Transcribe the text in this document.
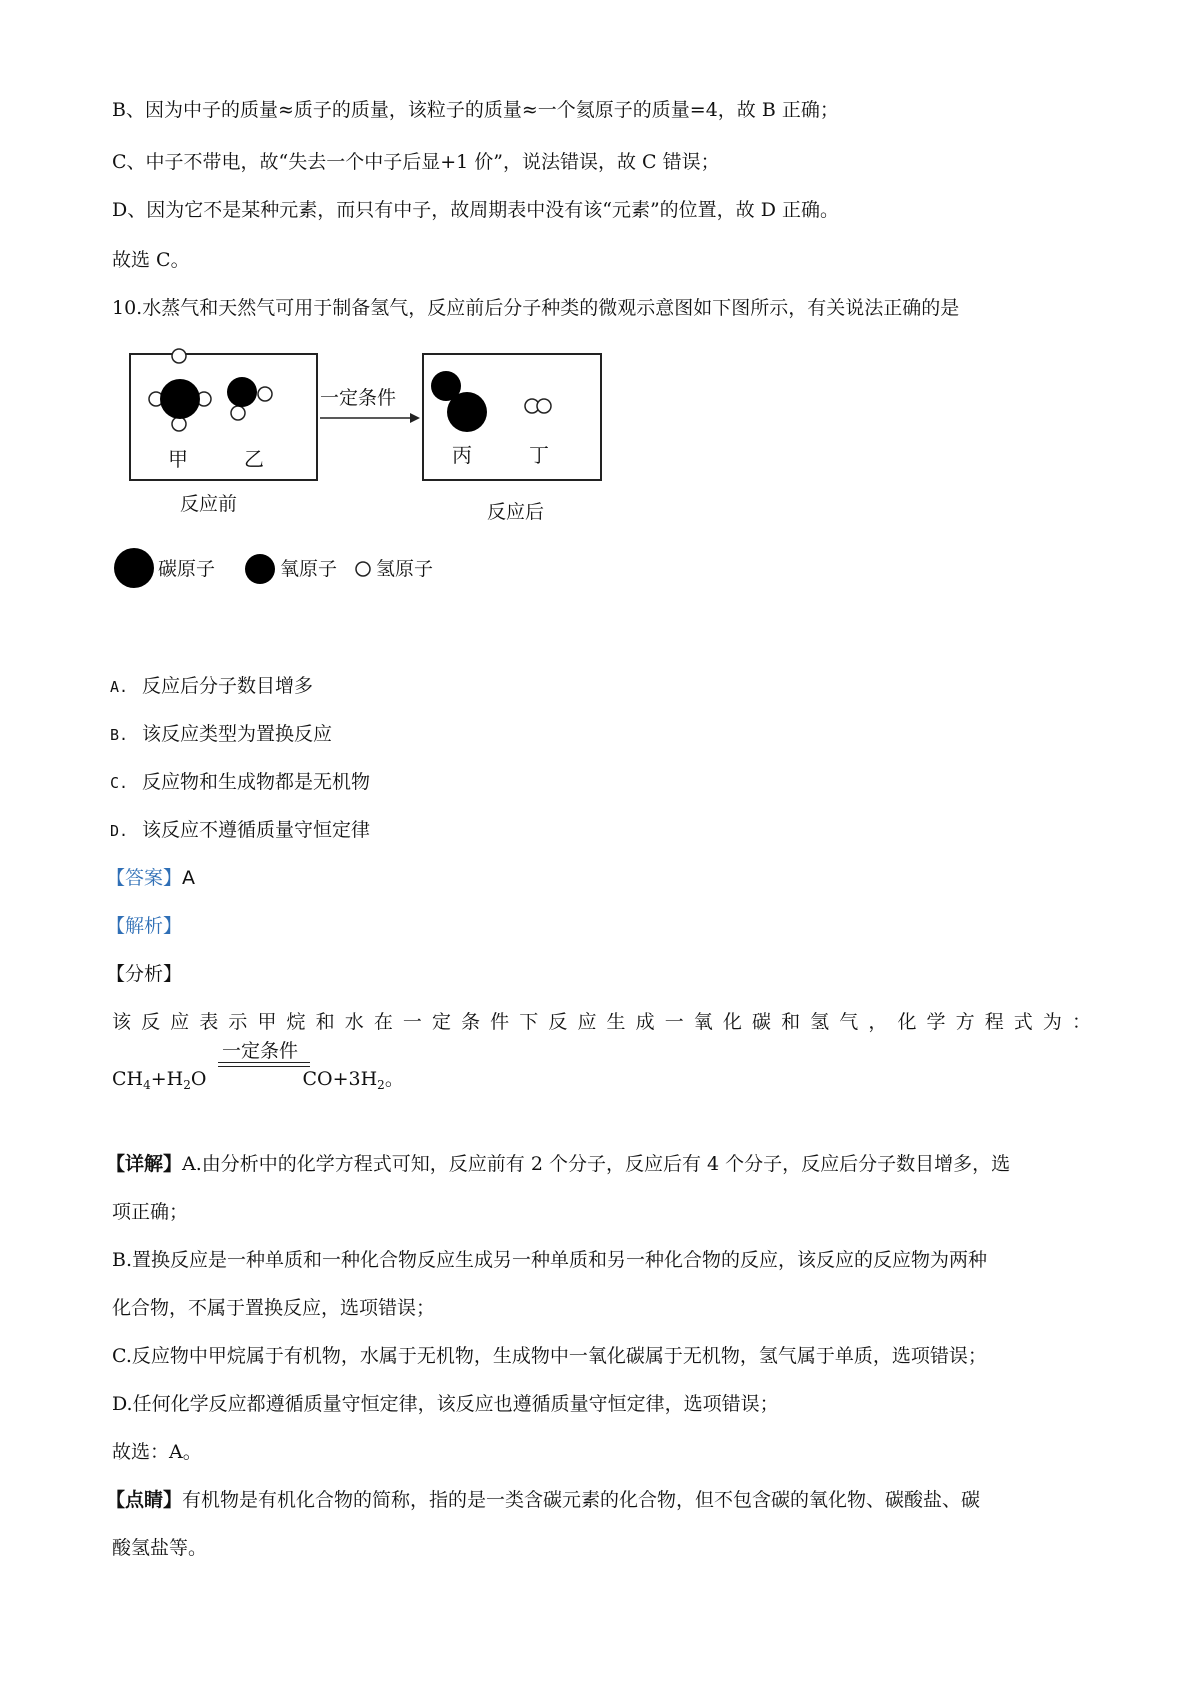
B、因为中子的质量≈质子的质量，该粒子的质量≈一个氦原子的质量=4，故 B 正确；
C、中子不带电，故“失去一个中子后显+1 价”，说法错误，故 C 错误；
D、因为它不是某种元素，而只有中子，故周期表中没有该“元素”的位置，故 D 正确。
故选 C。
10.水蒸气和天然气可用于制备氢气，反应前后分子种类的微观示意图如下图所示，有关说法正确的是
甲	乙
一定条件
丙	丁
反应前	反应后
碳原子	氧原子 氢原子
A. 反应后分子数目增多
B. 该反应类型为置换反应
C. 反应物和生成物都是无机物
D. 该反应不遵循质量守恒定律
【答案】A
【解析】
【分析】
该反应表示甲烷和水在一定条件下反应生成一氧化碳和氢气，化学方程式为：
一定条件
$CH_4+H_2O$	$CO+3H_2$。
【详解】A.由分析中的化学方程式可知，反应前有 2 个分子，反应后有 4 个分子，反应后分子数目增多，选
项正确；
B.置换反应是一种单质和一种化合物反应生成另一种单质和另一种化合物的反应，该反应的反应物为两种
化合物，不属于置换反应，选项错误；
C.反应物中甲烷属于有机物，水属于无机物，生成物中一氧化碳属于无机物，氢气属于单质，选项错误；
D.任何化学反应都遵循质量守恒定律，该反应也遵循质量守恒定律，选项错误；
故选：A。
【点睛】有机物是有机化合物的简称，指的是一类含碳元素的化合物，但不包含碳的氧化物、碳酸盐、碳
酸氢盐等。
